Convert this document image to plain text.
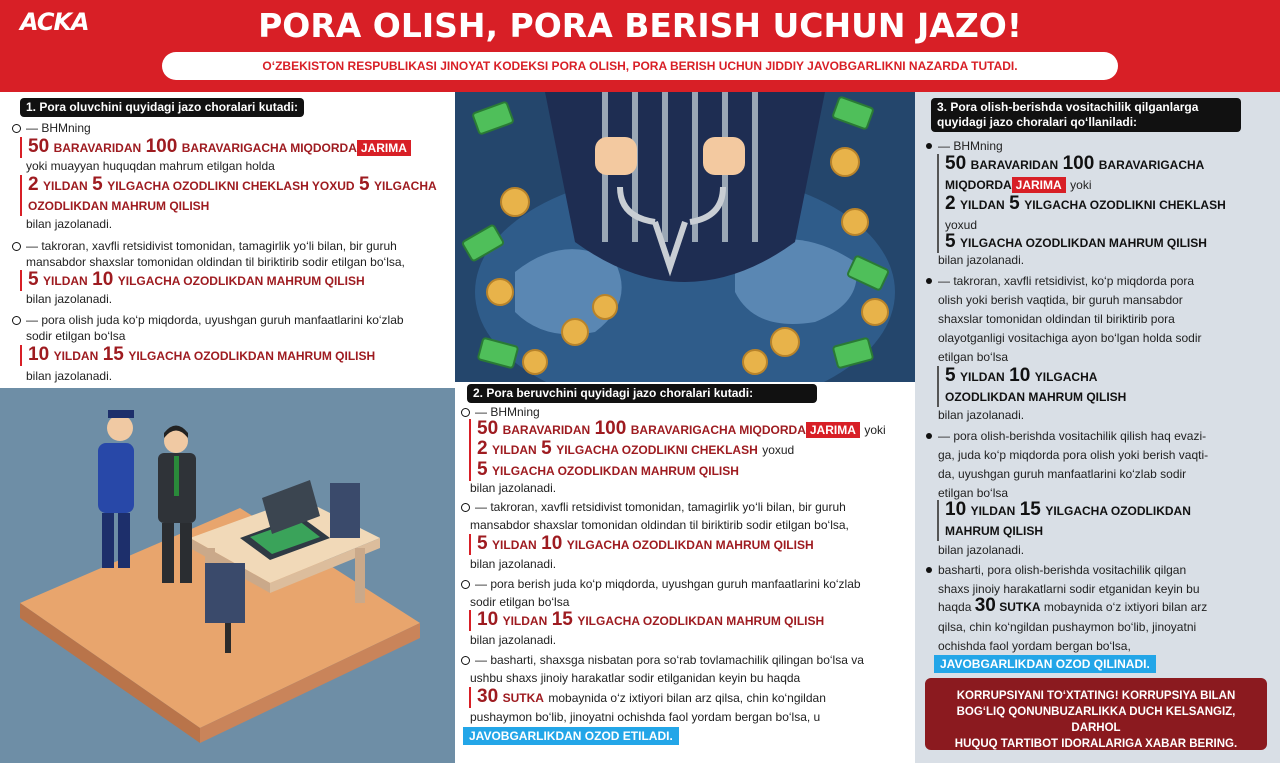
ACKA	PORA OLISH, PORA BERISH UCHUN JAZO!
O‘ZBEKISTON RESPUBLIKASI JINOYAT KODEKSI PORA OLISH, PORA BERISH UCHUN JIDDIY JAVOBGARLIKNI NAZARDA TUTADI.
1. Pora oluvchini quyidagi jazo choralari kutadi:
— BHMning
50 BARAVARIDAN 100 BARAVARIGACHA MIQDORDA JARIMA
yoki muayyan huquqdan mahrum etilgan holda
2 YILDAN 5 YILGACHA OZODLIKNI CHEKLASH YOXUD 5 YILGACHA
OZODLIKDAN MAHRUM QILISH
bilan jazolanadi.
— takroran, xavfli retsidivist tomonidan, tamagirlik yo‘li bilan, bir guruh
mansabdor shaxslar tomonidan oldindan til biriktirib sodir etilgan bo‘lsa,
5 YILDAN 10 YILGACHA OZODLIKDAN MAHRUM QILISH
bilan jazolanadi.
— pora olish juda ko‘p miqdorda, uyushgan guruh manfaatlarini ko‘zlab
sodir etilgan bo‘lsa
10 YILDAN 15 YILGACHA OZODLIKDAN MAHRUM QILISH
bilan jazolanadi.
2. Pora beruvchini quyidagi jazo choralari kutadi:
— BHMning
50 BARAVARIDAN 100 BARAVARIGACHA MIQDORDA JARIMA yoki
2 YILDAN 5 YILGACHA OZODLIKNI CHEKLASH yoxud
5 YILGACHA OZODLIKDAN MAHRUM QILISH
bilan jazolanadi.
— takroran, xavfli retsidivist tomonidan, tamagirlik yo‘li bilan, bir guruh
mansabdor shaxslar tomonidan oldindan til biriktirib sodir etilgan bo‘lsa,
5 YILDAN 10 YILGACHA OZODLIKDAN MAHRUM QILISH
bilan jazolanadi.
— pora berish juda ko‘p miqdorda, uyushgan guruh manfaatlarini ko‘zlab
sodir etilgan bo‘lsa
10 YILDAN 15 YILGACHA OZODLIKDAN MAHRUM QILISH
bilan jazolanadi.
— basharti, shaxsga nisbatan pora so‘rab tovlamachilik qilingan bo‘lsa va
ushbu shaxs jinoiy harakatlar sodir etilganidan keyin bu haqda
30 SUTKA mobaynida o‘z ixtiyori bilan arz qilsa, chin ko‘ngildan
pushaymon bo‘lib, jinoyatni ochishda faol yordam bergan bo‘lsa, u
JAVOBGARLIKDAN OZOD ETILADI.
3. Pora olish-berishda vositachilik qilganlarga
quyidagi jazo choralari qo‘llaniladi:
— BHMning
50 BARAVARIDAN 100 BARAVARIGACHA
MIQDORDA JARIMA yoki
2 YILDAN 5 YILGACHA OZODLIKNI CHEKLASH
yoxud
5 YILGACHA OZODLIKDAN MAHRUM QILISH
bilan jazolanadi.
— takroran, xavfli retsidivist, ko‘p miqdorda pora
olish yoki berish vaqtida, bir guruh mansabdor
shaxslar tomonidan oldindan til biriktirib pora
olayotganligi vositachiga ayon bo‘lgan holda sodir
etilgan bo‘lsa
5 YILDAN 10 YILGACHA
OZODLIKDAN MAHRUM QILISH
bilan jazolanadi.
— pora olish-berishda vositachilik qilish haq evazi-
ga, juda ko‘p miqdorda pora olish yoki berish vaqti-
da, uyushgan guruh manfaatlarini ko‘zlab sodir
etilgan bo‘lsa
10 YILDAN 15 YILGACHA OZODLIKDAN
MAHRUM QILISH
bilan jazolanadi.
basharti, pora olish-berishda vositachilik qilgan
shaxs jinoiy harakatlarni sodir etganidan keyin bu
haqda 30 SUTKA mobaynida o‘z ixtiyori bilan arz
qilsa, chin ko‘ngildan pushaymon bo‘lib, jinoyatni
ochishda faol yordam bergan bo‘lsa,
JAVOBGARLIKDAN OZOD QILINADI.
KORRUPSIYANI TO‘XTATING! KORRUPSIYA BILAN
BOG‘LIQ QONUNBUZARLIKKA DUCH KELSANGIZ, DARHOL
HUQUQ TARTIBOT IDORALARIGA XABAR BERING.
